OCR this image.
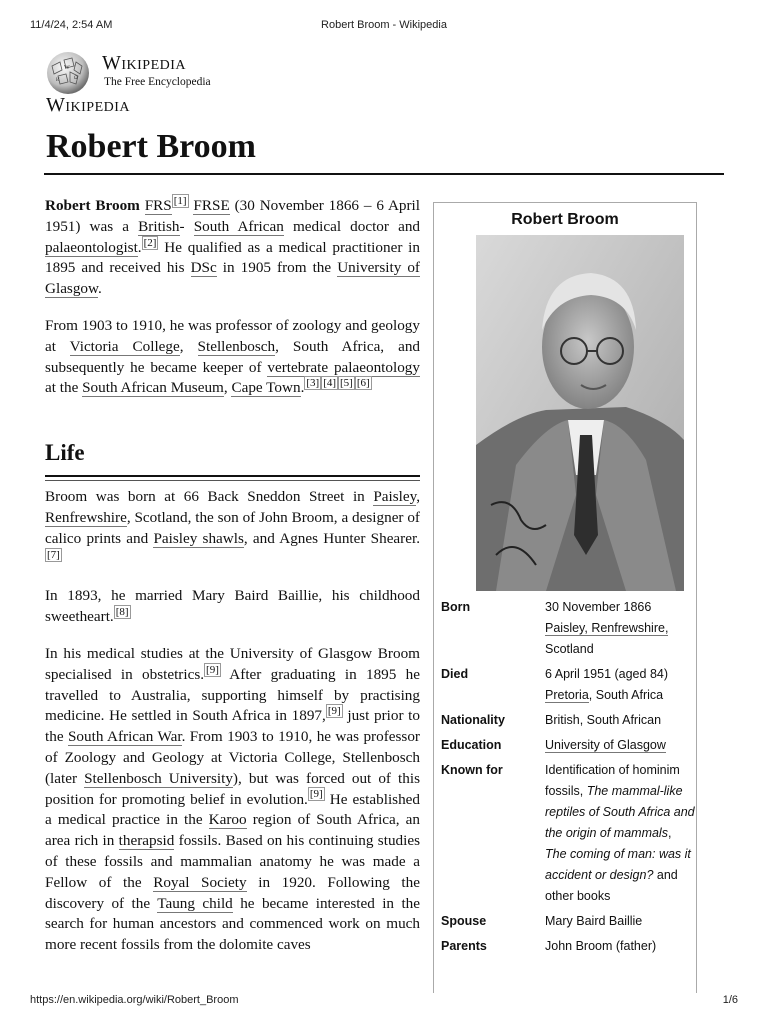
11/4/24, 2:54 AM	Robert Broom - Wikipedia
W
Ω
И
Wikipedia
The Free Encyclopedia
Wikipedia
Robert Broom

Robert Broom FRS [1] FRSE (30 November 1866 – 6 April 1951) was a British- South African medical doctor and palaeontologist. [2] He qualified as a medical practitioner in 1895 and received his DSc in 1905 from the University of Glasgow.

From 1903 to 1910, he was professor of zoology and geology at Victoria College, Stellenbosch, South Africa, and subsequently he became keeper of vertebrate palaeontology at the South African Museum, Cape Town. [3] [4] [5] [6]

Life

Broom was born at 66 Back Sneddon Street in Paisley, Renfrewshire, Scotland, the son of John Broom, a designer of calico prints and Paisley shawls, and Agnes Hunter Shearer.[7]

In 1893, he married Mary Baird Baillie, his childhood sweetheart. [8]

In his medical studies at the University of Glasgow Broom specialised in obstetrics. [9] After graduating in 1895 he travelled to Australia, supporting himself by practising medicine. He settled in South Africa in 1897, [9] just prior to the South African War. From 1903 to 1910, he was professor of Zoology and Geology at Victoria College, Stellenbosch (later Stellenbosch University), but was forced out of this position for promoting belief in evolution. [9] He established a medical practice in the Karoo region of South Africa, an area rich in therapsid fossils. Based on his continuing studies of these fossils and mammalian anatomy he was made a Fellow of the Royal Society in 1920. Following the discovery of the Taung child he became interested in the search for human ancestors and commenced work on much more recent fossils from the dolomite caves

Robert Broom
Born	30 November 1866
Paisley, Renfrewshire,
Scotland
Died	6 April 1951 (aged 84)
Pretoria, South Africa
Nationality	British, South African
Education	University of Glasgow
Known for	Identification of hominim fossils, The mammal-like reptiles of South Africa and the origin of mammals, The coming of man: was it accident or design? and other books
Spouse	Mary Baird Baillie
Parents	John Broom (father)
https://en.wikipedia.org/wiki/Robert_Broom	1/6
